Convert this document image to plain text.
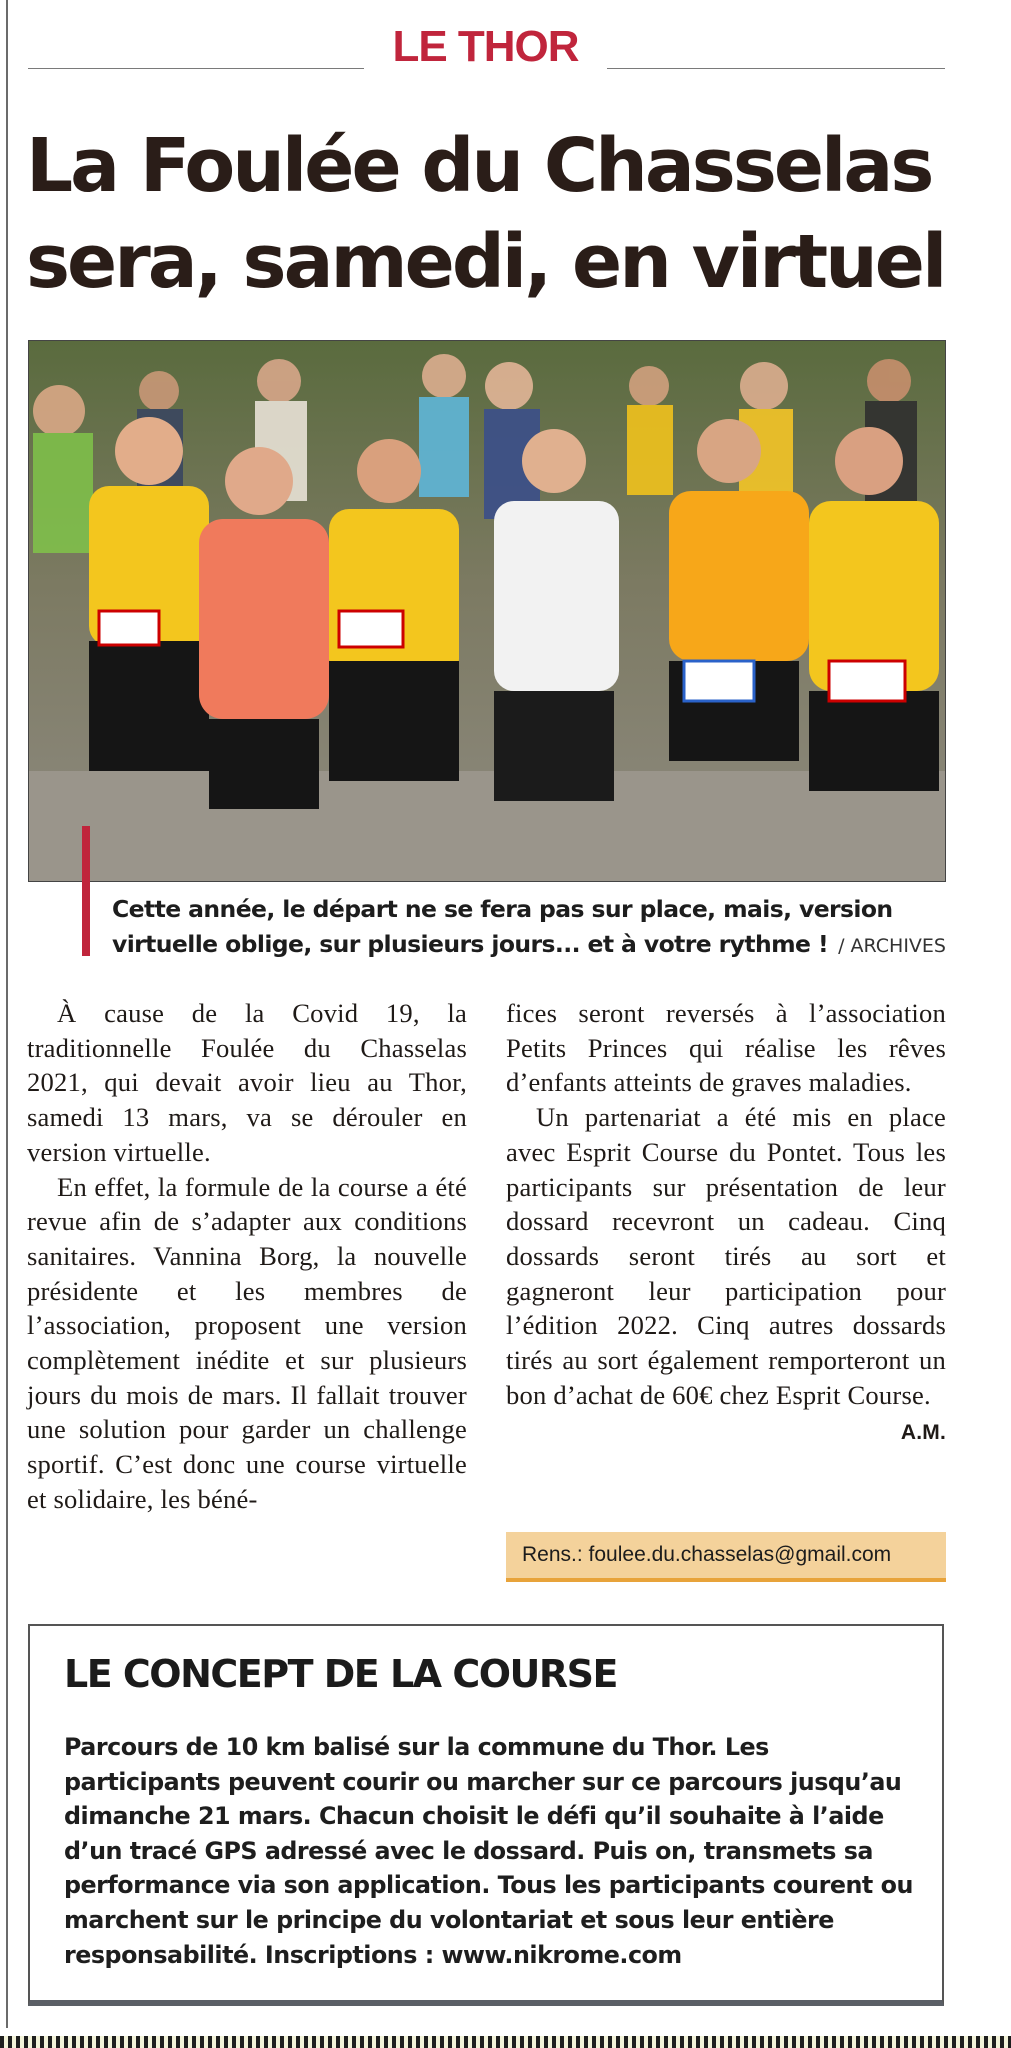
LE THOR
La Foulée du Chasselas sera, samedi, en virtuel
Cette année, le départ ne se fera pas sur place, mais, version virtuelle oblige, sur plusieurs jours... et à votre rythme ! / ARCHIVES

À cause de la Covid 19, la traditionnelle Foulée du Chasselas 2021, qui devait avoir lieu au Thor, samedi 13 mars, va se dérouler en version virtuelle.

En effet, la formule de la course a été revue afin de s’adapter aux conditions sanitaires. Vannina Borg, la nouvelle présidente et les membres de l’association, proposent une version complètement inédite et sur plusieurs jours du mois de mars. Il fallait trouver une solution pour garder un challenge sportif. C’est donc une course virtuelle et solidaire, les béné-

fices seront reversés à l’association Petits Princes qui réalise les rêves d’enfants atteints de graves maladies.

Un partenariat a été mis en place avec Esprit Course du Pontet. Tous les participants sur présentation de leur dossard recevront un cadeau. Cinq dossards seront tirés au sort et gagneront leur participation pour l’édition 2022. Cinq autres dossards tirés au sort également remporteront un bon d’achat de 60€ chez Esprit Course.

A.M.
Rens.: foulee.du.chasselas@gmail.com
LE CONCEPT DE LA COURSE
Parcours de 10 km balisé sur la commune du Thor. Les participants peuvent courir ou marcher sur ce parcours jusqu’au dimanche 21 mars. Chacun choisit le défi qu’il souhaite à l’aide d’un tracé GPS adressé avec le dossard. Puis on, transmets sa performance via son application. Tous les participants courent ou marchent sur le principe du volontariat et sous leur entière responsabilité. Inscriptions : www.nikrome.com
